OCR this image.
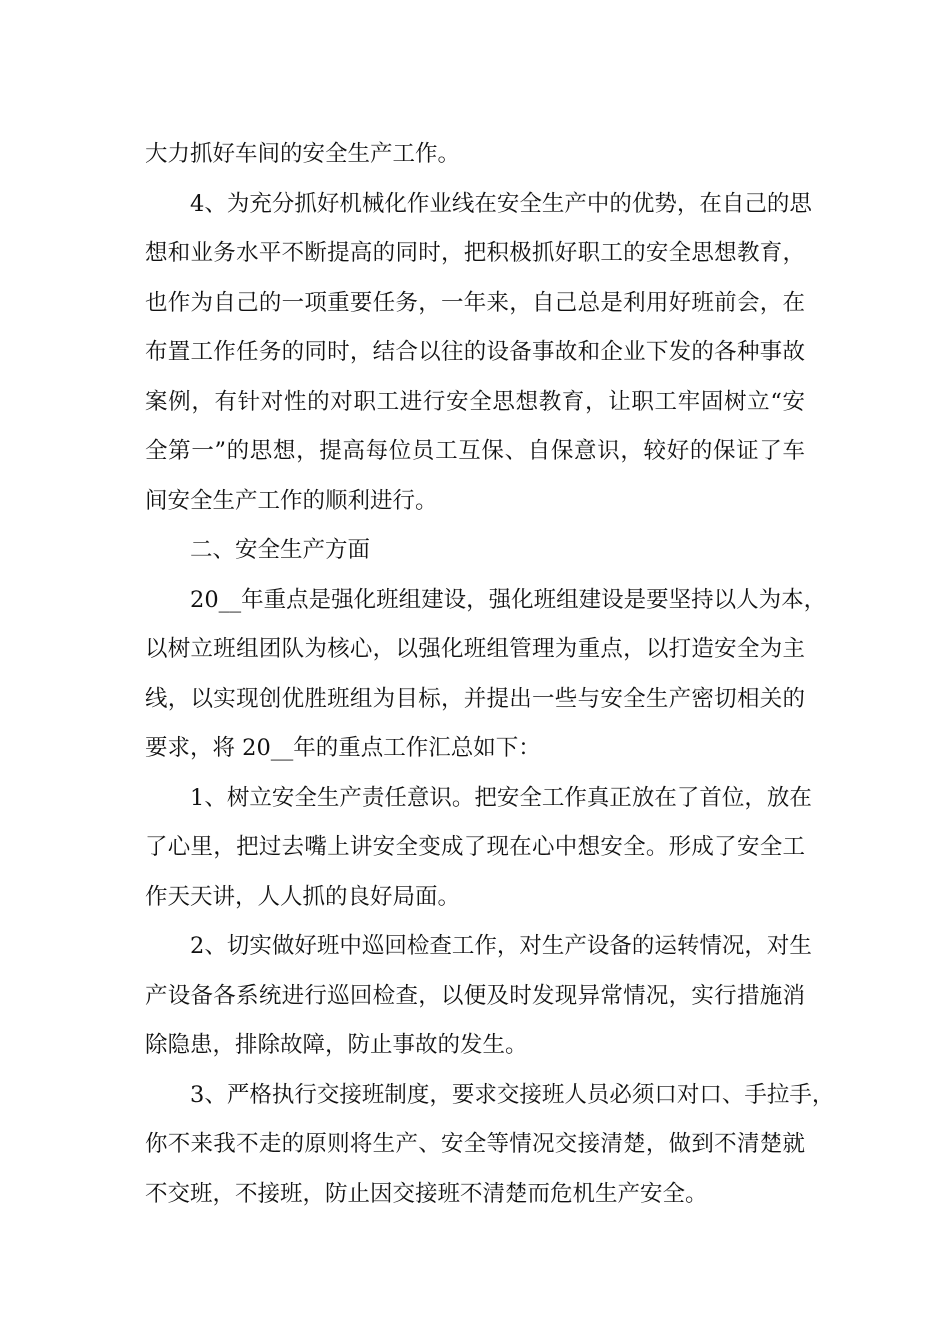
大力抓好车间的安全生产工作。
4、为充分抓好机械化作业线在安全生产中的优势，在自己的思
想和业务水平不断提高的同时，把积极抓好职工的安全思想教育，
也作为自己的一项重要任务，一年来，自己总是利用好班前会，在
布置工作任务的同时，结合以往的设备事故和企业下发的各种事故
案例，有针对性的对职工进行安全思想教育，让职工牢固树立“安
全第一”的思想，提高每位员工互保、自保意识，较好的保证了车
间安全生产工作的顺利进行。
二、安全生产方面
20__年重点是强化班组建设，强化班组建设是要坚持以人为本，
以树立班组团队为核心，以强化班组管理为重点，以打造安全为主
线，以实现创优胜班组为目标，并提出一些与安全生产密切相关的
要求，将 20__年的重点工作汇总如下：
1、树立安全生产责任意识。把安全工作真正放在了首位，放在
了心里，把过去嘴上讲安全变成了现在心中想安全。形成了安全工
作天天讲，人人抓的良好局面。
2、切实做好班中巡回检查工作，对生产设备的运转情况，对生
产设备各系统进行巡回检查，以便及时发现异常情况，实行措施消
除隐患，排除故障，防止事故的发生。
3、严格执行交接班制度，要求交接班人员必须口对口、手拉手，
你不来我不走的原则将生产、安全等情况交接清楚，做到不清楚就
不交班，不接班，防止因交接班不清楚而危机生产安全。
